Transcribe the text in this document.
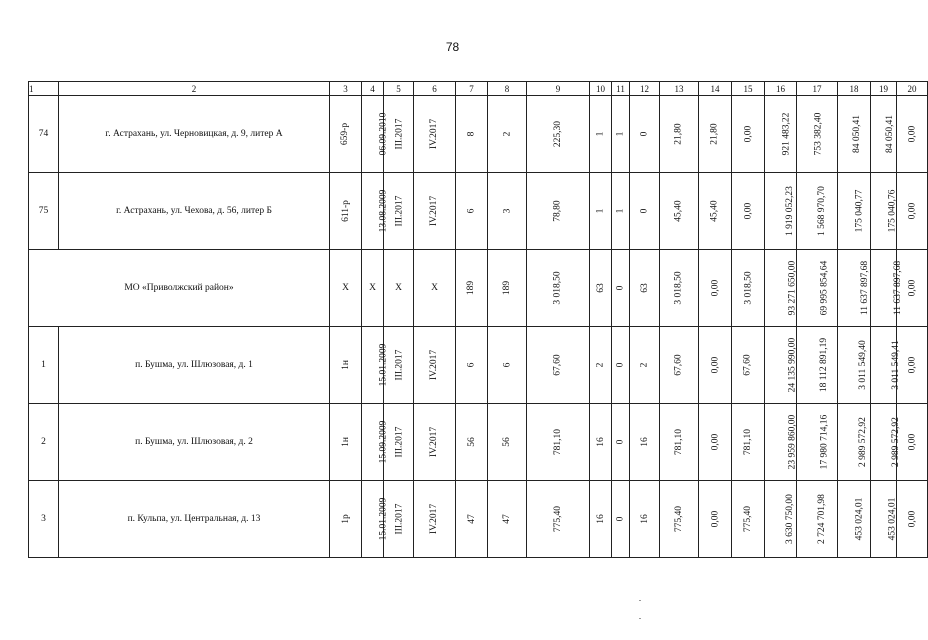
78
1	2	3	4	5	6	7	8	9	10	11	12	13	14	15	16	17	18	19	20
74	г. Астрахань, ул. Черновицкая, д. 9, литер А	659-р	06.09.2010	III.2017	IV.2017	8	2	225,30	1	1	0	21,80	21,80	0,00	921 483,22	753 382,40	84 050,41	84 050,41	0,00
75	г. Астрахань, ул. Чехова, д. 56, литер Б	611-р	13.08.2009	III.2017	IV.2017	6	3	78,80	1	1	0	45,40	45,40	0,00	1 919 052,23	1 568 970,70	175 040,77	175 040,76	0,00
МО «Приволжский район»		Х	Х	Х	Х	189	189	3 018,50	63	0	63	3 018,50	0,00	3 018,50	93 271 650,00	69 995 854,64	11 637 897,68	11 637 897,68	0,00
1	п. Бушма, ул. Шлюзовая, д. 1	1н	15.01.2009	III.2017	IV.2017	6	6	67,60	2	0	2	67,60	0,00	67,60	24 135 990,00	18 112 891,19	3 011 549,40	3 011 549,41	0,00
2	п. Бушма, ул. Шлюзовая, д. 2	1н	15.09.2009	III.2017	IV.2017	56	56	781,10	16	0	16	781,10	0,00	781,10	23 959 860,00	17 980 714,16	2 989 572,92	2 989 572,92	0,00
3	п. Кульпа, ул. Центральная, д. 13	1р	15.01.2009	III.2017	IV.2017	47	47	775,40	16	0	16	775,40	0,00	775,40	3 630 750,00	2 724 701,98	453 024,01	453 024,01	0,00
